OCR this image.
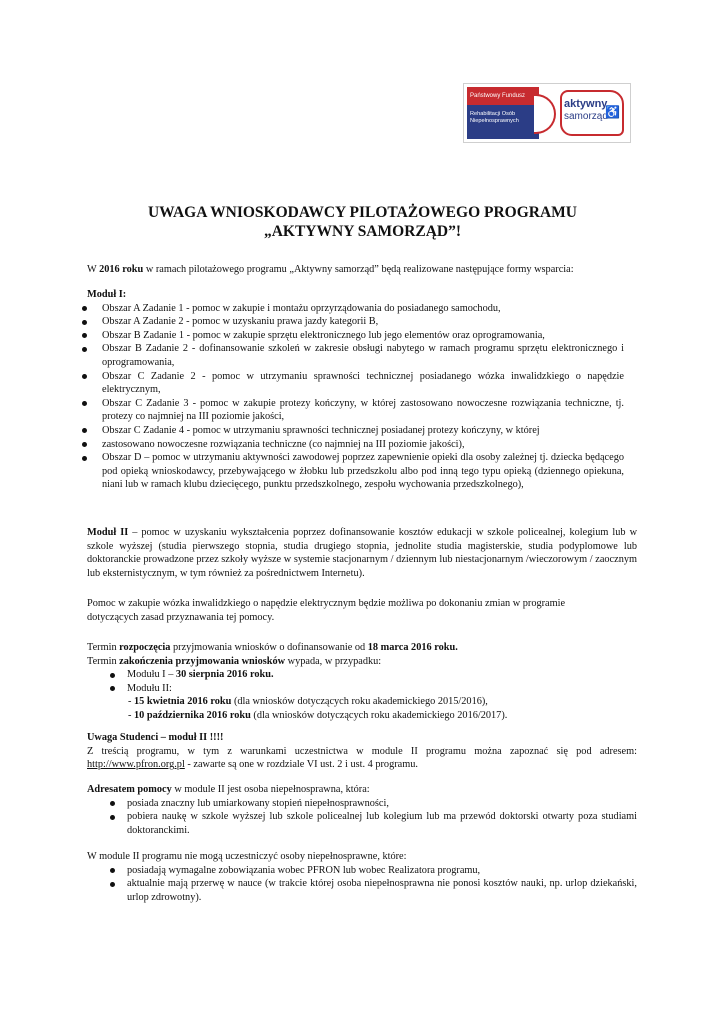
Państwowy Fundusz
Rehabilitacji Osób
Niepełnosprawnych
aktywny
samorząd
♿
UWAGA WNIOSKODAWCY PILOTAŻOWEGO PROGRAMU
„AKTYWNY SAMORZĄD”!

W 2016 roku w ramach pilotażowego programu „Aktywny samorząd” będą realizowane następujące formy wsparcia:

Moduł I:
Obszar A Zadanie 1 - pomoc w zakupie i montażu oprzyrządowania do posiadanego samochodu,
Obszar A Zadanie 2 - pomoc w uzyskaniu prawa jazdy kategorii B,
Obszar B Zadanie 1 - pomoc w zakupie sprzętu elektronicznego lub jego elementów oraz oprogramowania,
Obszar B Zadanie 2 - dofinansowanie szkoleń w zakresie obsługi nabytego w ramach programu sprzętu elektronicznego i oprogramowania,
Obszar C Zadanie 2 - pomoc w utrzymaniu sprawności technicznej posiadanego wózka inwalidzkiego o napędzie elektrycznym,
Obszar C Zadanie 3 - pomoc w zakupie protezy kończyny, w której zastosowano nowoczesne rozwiązania techniczne, tj. protezy co najmniej na III poziomie jakości,
Obszar C Zadanie 4 - pomoc w utrzymaniu sprawności technicznej posiadanej protezy kończyny, w której
zastosowano nowoczesne rozwiązania techniczne (co najmniej na III poziomie jakości),
Obszar D – pomoc w utrzymaniu aktywności zawodowej poprzez zapewnienie opieki dla osoby zależnej tj. dziecka będącego pod opieką wnioskodawcy, przebywającego w żłobku lub przedszkolu albo pod inną tego typu opieką (dziennego opiekuna, niani lub w ramach klubu dziecięcego, punktu przedszkolnego, zespołu wychowania przedszkolnego),

Moduł II – pomoc w uzyskaniu wykształcenia poprzez dofinansowanie kosztów edukacji w szkole policealnej, kolegium lub w szkole wyższej (studia pierwszego stopnia, studia drugiego stopnia, jednolite studia magisterskie, studia podyplomowe lub doktoranckie prowadzone przez szkoły wyższe w systemie stacjonarnym / dziennym lub niestacjonarnym /wieczorowym / zaocznym lub eksternistycznym, w tym również za pośrednictwem Internetu).

Pomoc w zakupie wózka inwalidzkiego o napędzie elektrycznym będzie możliwa po dokonaniu zmian w programie dotyczących zasad przyznawania tej pomocy.

Termin rozpoczęcia przyjmowania wniosków o dofinansowanie od 18 marca 2016 roku.
Termin zakończenia przyjmowania wniosków wypada, w przypadku:
Modułu I – 30 sierpnia 2016 roku.
Modułu II:
- 15 kwietnia 2016 roku (dla wniosków dotyczących roku akademickiego 2015/2016),
- 10 października 2016 roku (dla wniosków dotyczących roku akademickiego 2016/2017).
Uwaga Studenci – moduł II !!!!
Z treścią programu, w tym z warunkami uczestnictwa w module II programu można zapoznać się pod adresem: http://www.pfron.org.pl - zawarte są one w rozdziale VI ust. 2 i ust. 4 programu.
Adresatem pomocy w module II jest osoba niepełnosprawna, która:
posiada znaczny lub umiarkowany stopień niepełnosprawności,
pobiera naukę w szkole wyższej lub szkole policealnej lub kolegium lub ma przewód doktorski otwarty poza studiami doktoranckimi.
W module II programu nie mogą uczestniczyć osoby niepełnosprawne, które:
posiadają wymagalne zobowiązania wobec PFRON lub wobec Realizatora programu,
aktualnie mają przerwę w nauce (w trakcie której osoba niepełnosprawna nie ponosi kosztów nauki, np. urlop dziekański, urlop zdrowotny).
